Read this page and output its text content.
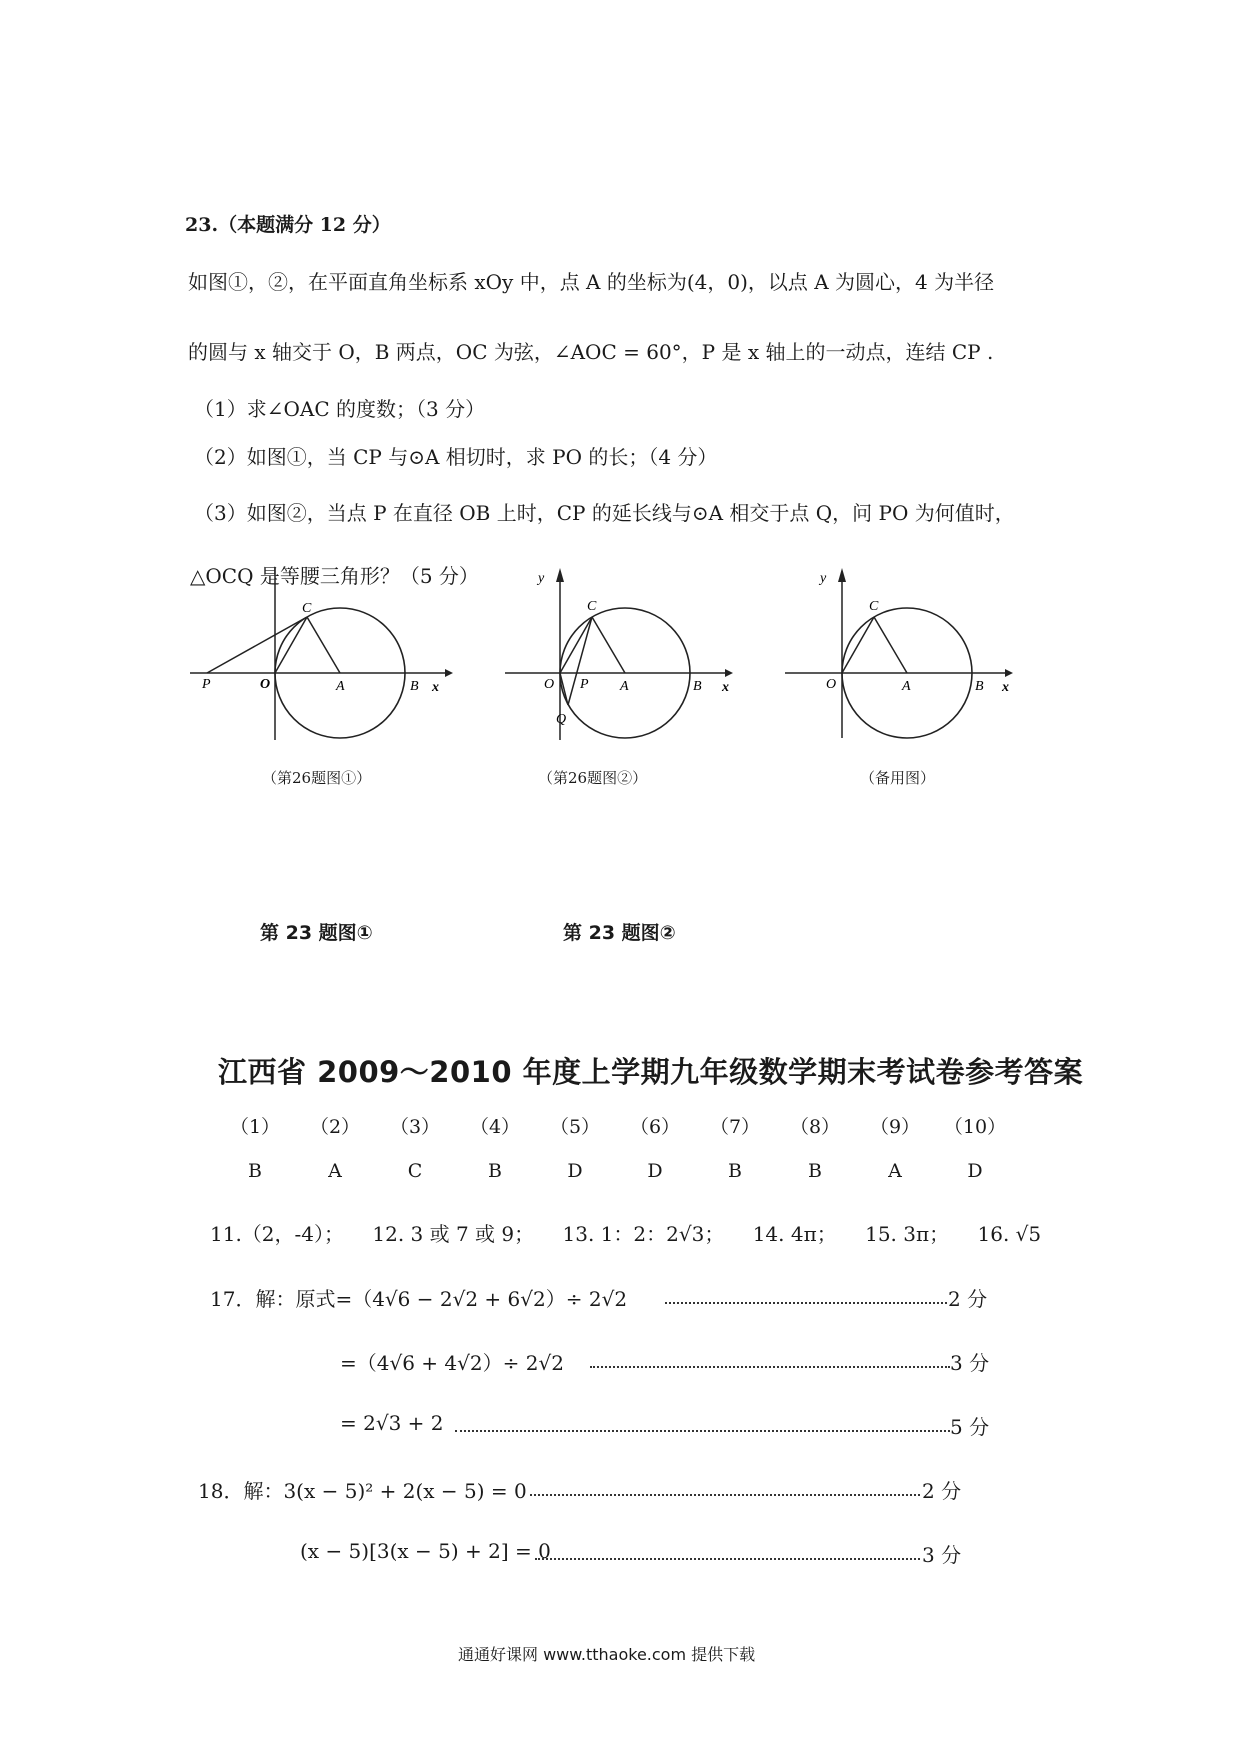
23.（本题满分 12 分）
如图①，②，在平面直角坐标系 xOy 中，点 A 的坐标为(4，0)，以点 A 为圆心，4 为半径
的圆与 x 轴交于 O，B 两点，OC 为弦，∠AOC = 60°，P 是 x 轴上的一动点，连结 CP .
（1）求∠OAC 的度数；（3 分）
（2）如图①，当 CP 与⊙A 相切时，求 PO 的长；（4 分）
（3）如图②，当点 P 在直径 OB 上时，CP 的延长线与⊙A 相交于点 Q，问 PO 为何值时，
△OCQ 是等腰三角形？（5 分）
P	O	A	B
C
x
（第26题图①）
y
O P A	B
C
Q
x
（第26题图②）
y
O	A	B
C
x
（备用图）
第 23 题图①	第 23 题图②
江西省 2009～2010 年度上学期九年级数学期末考试卷参考答案
（1）	（2）	（3）	（4）	（5）	（6）	（7）	（8）	（9）	（10）
B	A	C	B	D	D	B	B	A	D
11.（2，-4）； 12. 3 或 7 或 9； 13. 1：2：2√3； 14. 4π； 15. 3π； 16. √5
17．解：原式=（4√6 − 2√2 + 6√2）÷ 2√2	2 分
=（4√6 + 4√2）÷ 2√2	3 分
= 2√3 + 2	5 分
18．解：3(x − 5)² + 2(x − 5) = 0	2 分
(x − 5)[3(x − 5) + 2] = 0	3 分
通通好课网 www.tthaoke.com 提供下载
